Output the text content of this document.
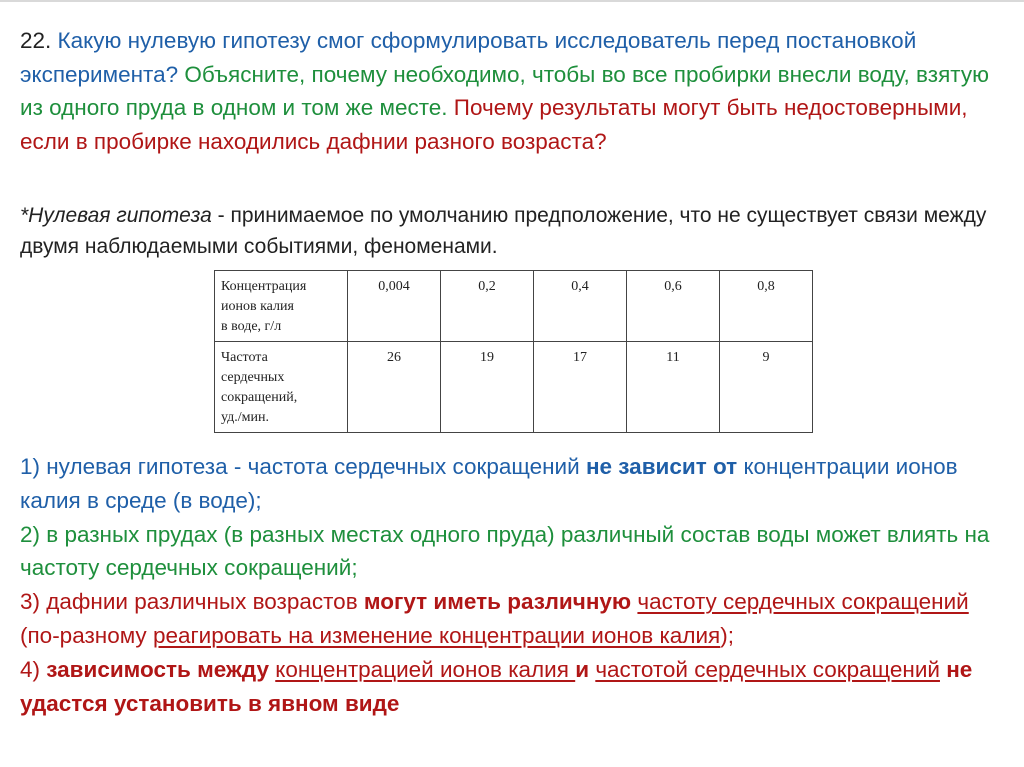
22. Какую нулевую гипотезу смог сформулировать исследователь перед постановкой эксперимента? Объясните, почему необходимо, чтобы во все пробирки внесли воду, взятую из одного пруда в одном и том же месте. Почему результаты могут быть недостоверными, если в пробирке находились дафнии разного возраста?

*Нулевая гипотеза - принимаемое по умолчанию предположение, что не существует связи между двумя наблюдаемыми событиями, феноменами.

Концентрация
ионов калия
в воде, г/л	0,004	0,2	0,4	0,6	0,8

Частота
сердечных
сокращений,
уд./мин.	26	19	17	11	9
1) нулевая гипотеза - частота сердечных сокращений не зависит от концентрации ионов калия в среде (в воде);
2) в разных прудах (в разных местах одного пруда) различный состав воды может влиять на частоту сердечных сокращений;
3) дафнии различных возрастов могут иметь различную частоту сердечных сокращений (по-разному реагировать на изменение концентрации ионов калия);
4) зависимость между концентрацией ионов калия и частотой сердечных сокращений не удастся установить в явном виде
